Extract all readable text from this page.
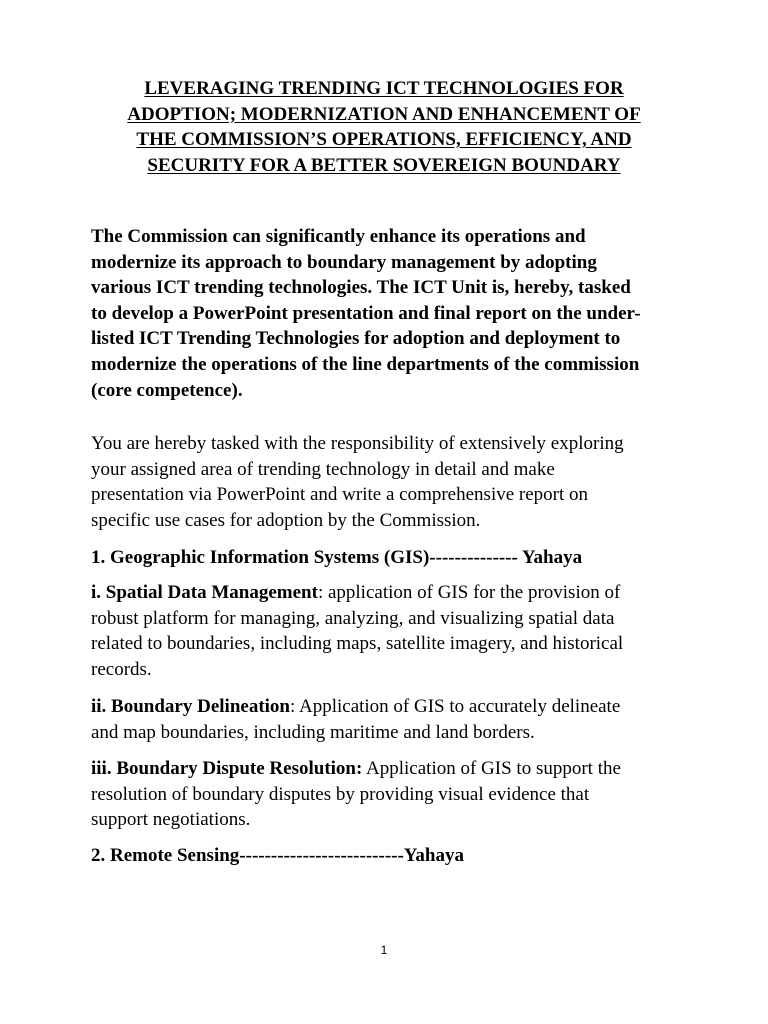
LEVERAGING TRENDING ICT TECHNOLOGIES FOR
ADOPTION; MODERNIZATION AND ENHANCEMENT OF
THE COMMISSION’S OPERATIONS, EFFICIENCY, AND
SECURITY FOR A BETTER SOVEREIGN BOUNDARY
The Commission can significantly enhance its operations and
modernize its approach to boundary management by adopting
various ICT trending technologies. The ICT Unit is, hereby, tasked
to develop a PowerPoint presentation and final report on the under-
listed ICT Trending Technologies for adoption and deployment to
modernize the operations of the line departments of the commission
(core competence).
You are hereby tasked with the responsibility of extensively exploring
your assigned area of trending technology in detail and make
presentation via PowerPoint and write a comprehensive report on
specific use cases for adoption by the Commission.
1. Geographic Information Systems (GIS)-------------- Yahaya
i. Spatial Data Management: application of GIS for the provision of
robust platform for managing, analyzing, and visualizing spatial data
related to boundaries, including maps, satellite imagery, and historical
records.
ii. Boundary Delineation: Application of GIS to accurately delineate
and map boundaries, including maritime and land borders.
iii. Boundary Dispute Resolution: Application of GIS to support the
resolution of boundary disputes by providing visual evidence that
support negotiations.
2. Remote Sensing--------------------------Yahaya
1
